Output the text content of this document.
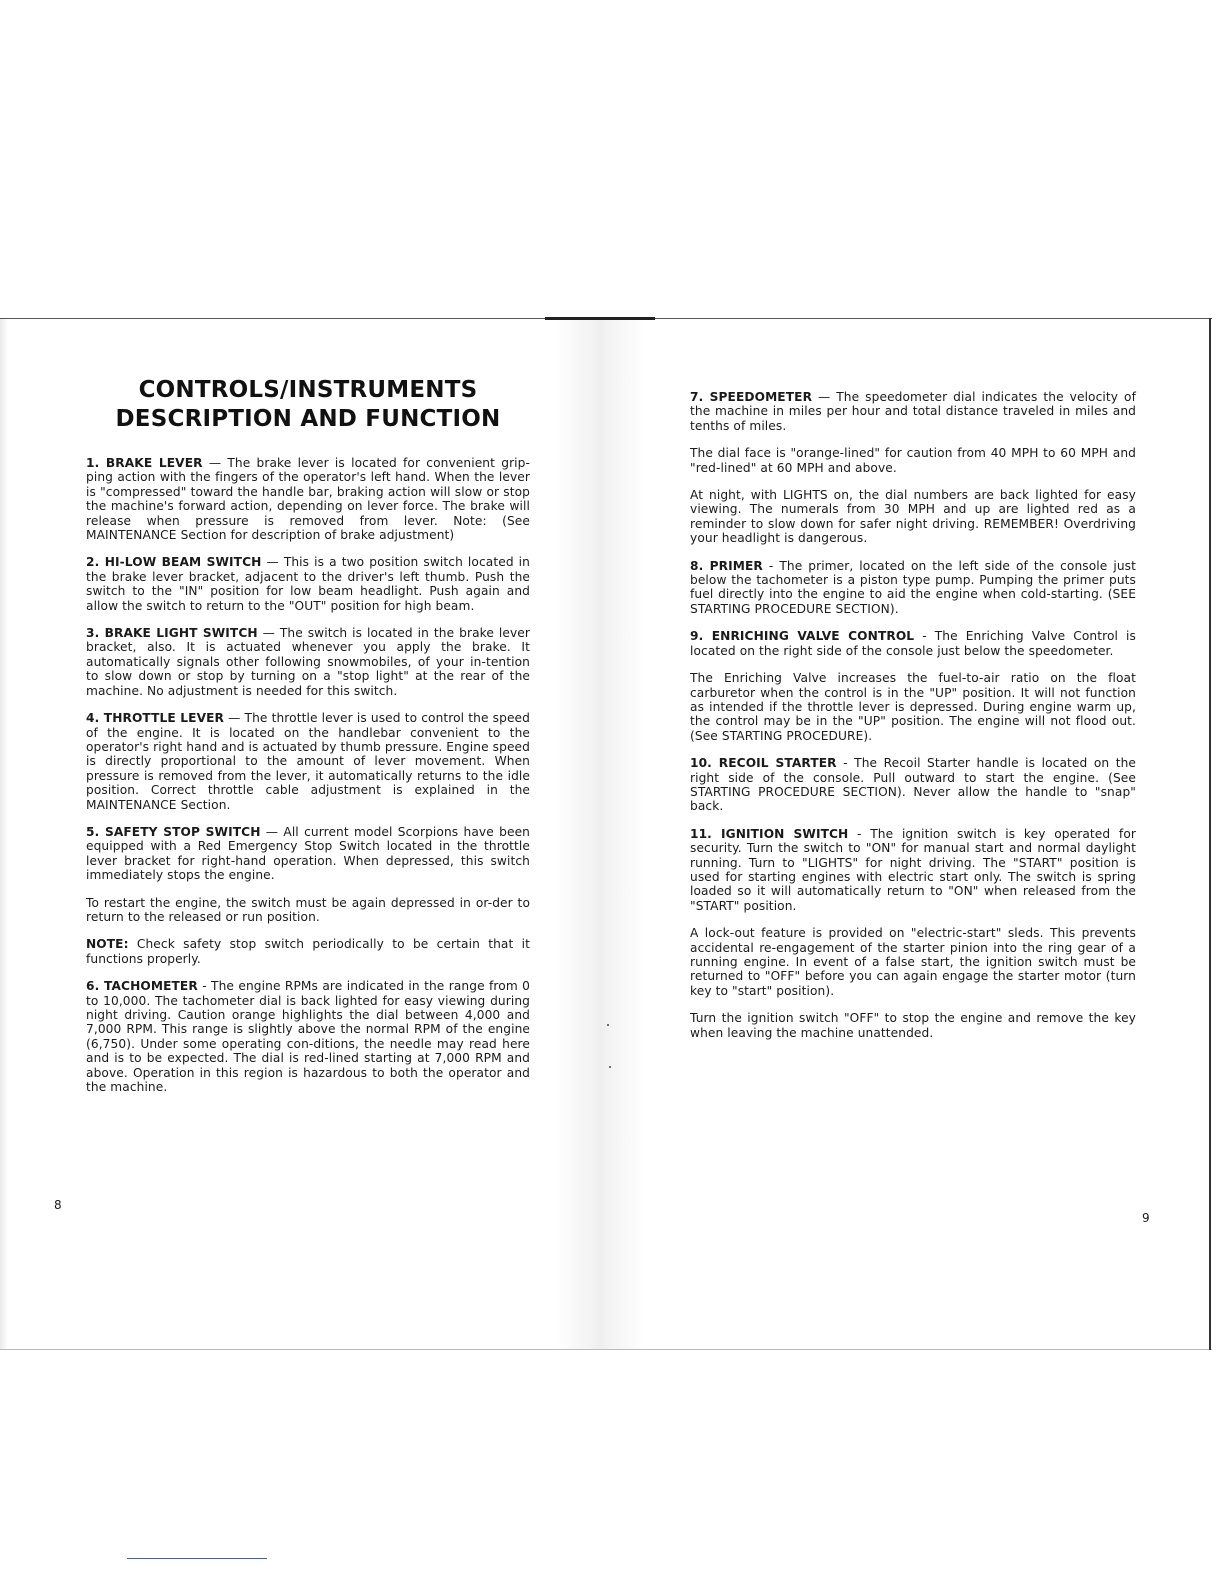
CONTROLS/INSTRUMENTS
DESCRIPTION AND FUNCTION

1. BRAKE LEVER — The brake lever is located for convenient grip-ping action with the fingers of the operator's left hand. When the lever is "compressed" toward the handle bar, braking action will slow or stop the machine's forward action, depending on lever force. The brake will release when pressure is removed from lever. Note: (See MAINTENANCE Section for description of brake adjustment)

2. HI-LOW BEAM SWITCH — This is a two position switch located in the brake lever bracket, adjacent to the driver's left thumb. Push the switch to the "IN" position for low beam headlight. Push again and allow the switch to return to the "OUT" position for high beam.

3. BRAKE LIGHT SWITCH — The switch is located in the brake lever bracket, also. It is actuated whenever you apply the brake. It automatically signals other following snowmobiles, of your in-tention to slow down or stop by turning on a "stop light" at the rear of the machine. No adjustment is needed for this switch.

4. THROTTLE LEVER — The throttle lever is used to control the speed of the engine. It is located on the handlebar convenient to the operator's right hand and is actuated by thumb pressure. Engine speed is directly proportional to the amount of lever movement. When pressure is removed from the lever, it automatically returns to the idle position. Correct throttle cable adjustment is explained in the MAINTENANCE Section.

5. SAFETY STOP SWITCH — All current model Scorpions have been equipped with a Red Emergency Stop Switch located in the throttle lever bracket for right-hand operation. When depressed, this switch immediately stops the engine.

To restart the engine, the switch must be again depressed in or-der to return to the released or run position.

NOTE: Check safety stop switch periodically to be certain that it functions properly.

6. TACHOMETER - The engine RPMs are indicated in the range from 0 to 10,000. The tachometer dial is back lighted for easy viewing during night driving. Caution orange highlights the dial between 4,000 and 7,000 RPM. This range is slightly above the normal RPM of the engine (6,750). Under some operating con-ditions, the needle may read here and is to be expected. The dial is red-lined starting at 7,000 RPM and above. Operation in this region is hazardous to both the operator and the machine.

8

7. SPEEDOMETER — The speedometer dial indicates the velocity of the machine in miles per hour and total distance traveled in miles and tenths of miles.

The dial face is "orange-lined" for caution from 40 MPH to 60 MPH and "red-lined" at 60 MPH and above.

At night, with LIGHTS on, the dial numbers are back lighted for easy viewing. The numerals from 30 MPH and up are lighted red as a reminder to slow down for safer night driving. REMEMBER! Overdriving your headlight is dangerous.

8. PRIMER - The primer, located on the left side of the console just below the tachometer is a piston type pump. Pumping the primer puts fuel directly into the engine to aid the engine when cold-starting. (SEE STARTING PROCEDURE SECTION).

9. ENRICHING VALVE CONTROL - The Enriching Valve Control is located on the right side of the console just below the speedometer.

The Enriching Valve increases the fuel-to-air ratio on the float carburetor when the control is in the "UP" position. It will not function as intended if the throttle lever is depressed. During engine warm up, the control may be in the "UP" position. The engine will not flood out. (See STARTING PROCEDURE).

10. RECOIL STARTER - The Recoil Starter handle is located on the right side of the console. Pull outward to start the engine. (See STARTING PROCEDURE SECTION). Never allow the handle to "snap" back.

11. IGNITION SWITCH - The ignition switch is key operated for security. Turn the switch to "ON" for manual start and normal daylight running. Turn to "LIGHTS" for night driving. The "START" position is used for starting engines with electric start only. The switch is spring loaded so it will automatically return to "ON" when released from the "START" position.

A lock-out feature is provided on "electric-start" sleds. This prevents accidental re-engagement of the starter pinion into the ring gear of a running engine. In event of a false start, the ignition switch must be returned to "OFF" before you can again engage the starter motor (turn key to "start" position).

Turn the ignition switch "OFF" to stop the engine and remove the key when leaving the machine unattended.

9
